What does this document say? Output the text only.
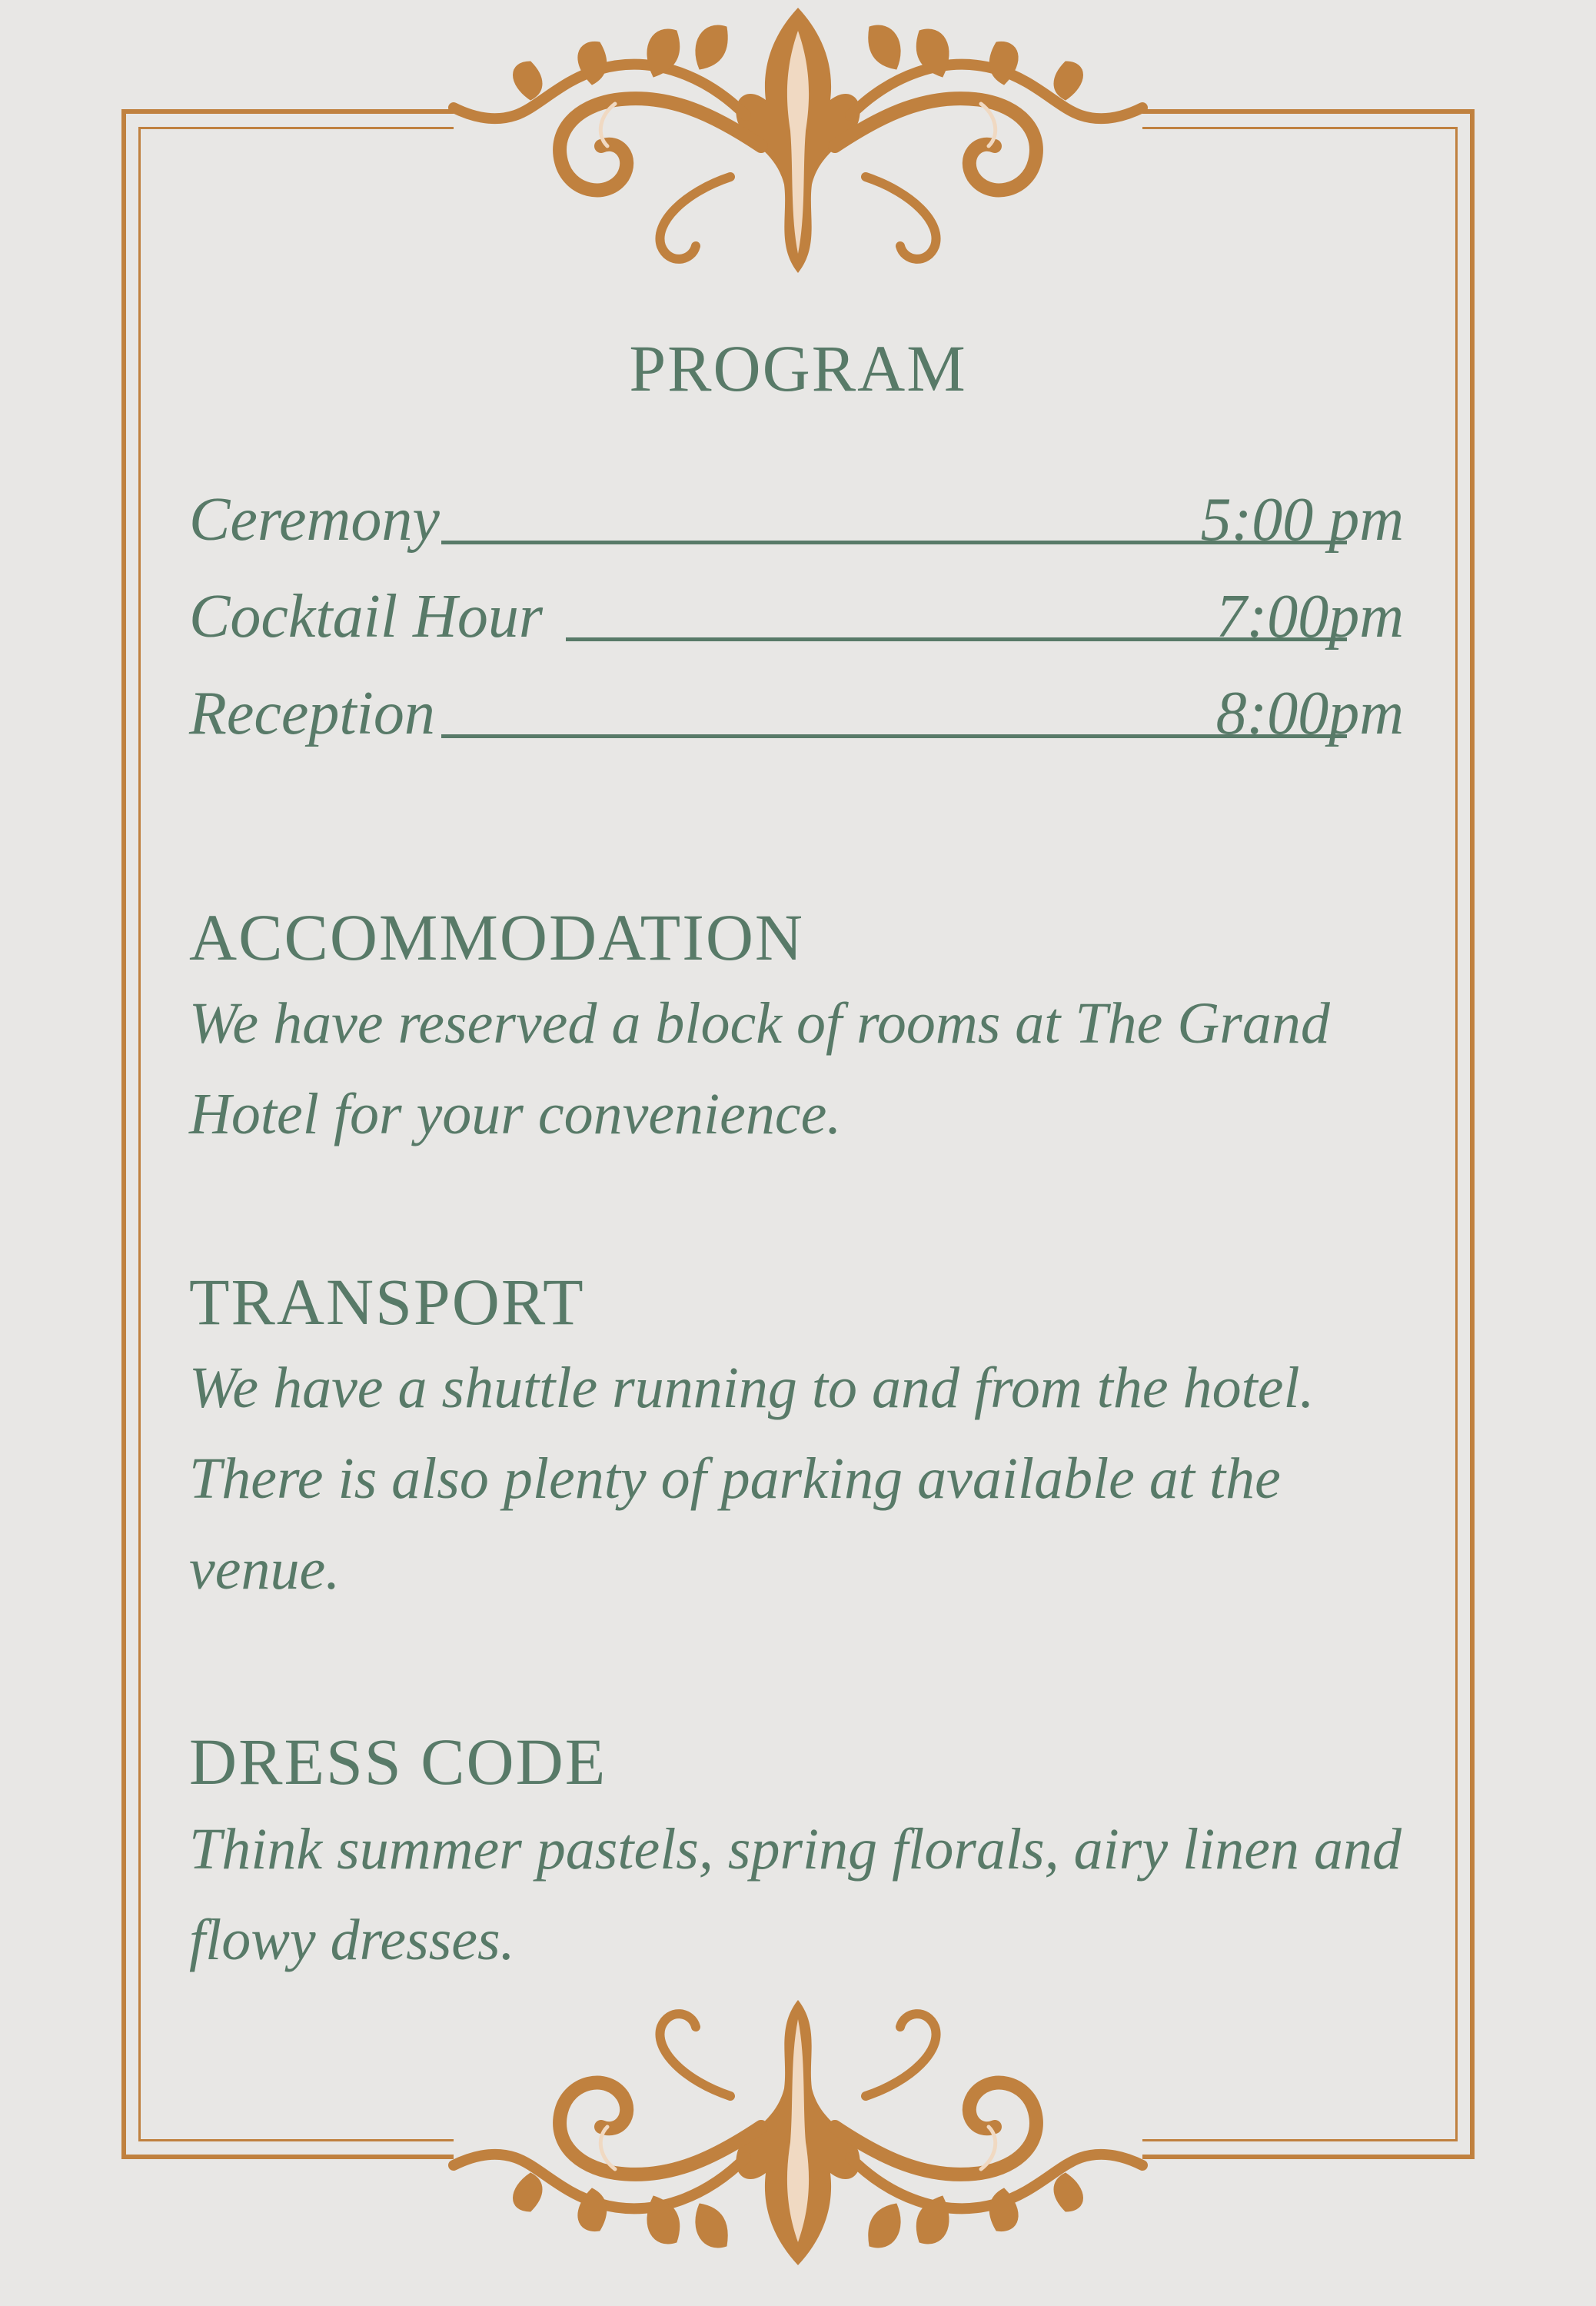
PROGRAM
Ceremony	5:00 pm
Cocktail Hour	7:00pm
Reception	8:00pm
ACCOMMODATION
We have reserved a block of rooms at The Grand Hotel for your convenience.
TRANSPORT
We have a shuttle running to and from the hotel. There is also plenty of parking available at the venue.
DRESS CODE
Think summer pastels, spring florals, airy linen and flowy dresses.
